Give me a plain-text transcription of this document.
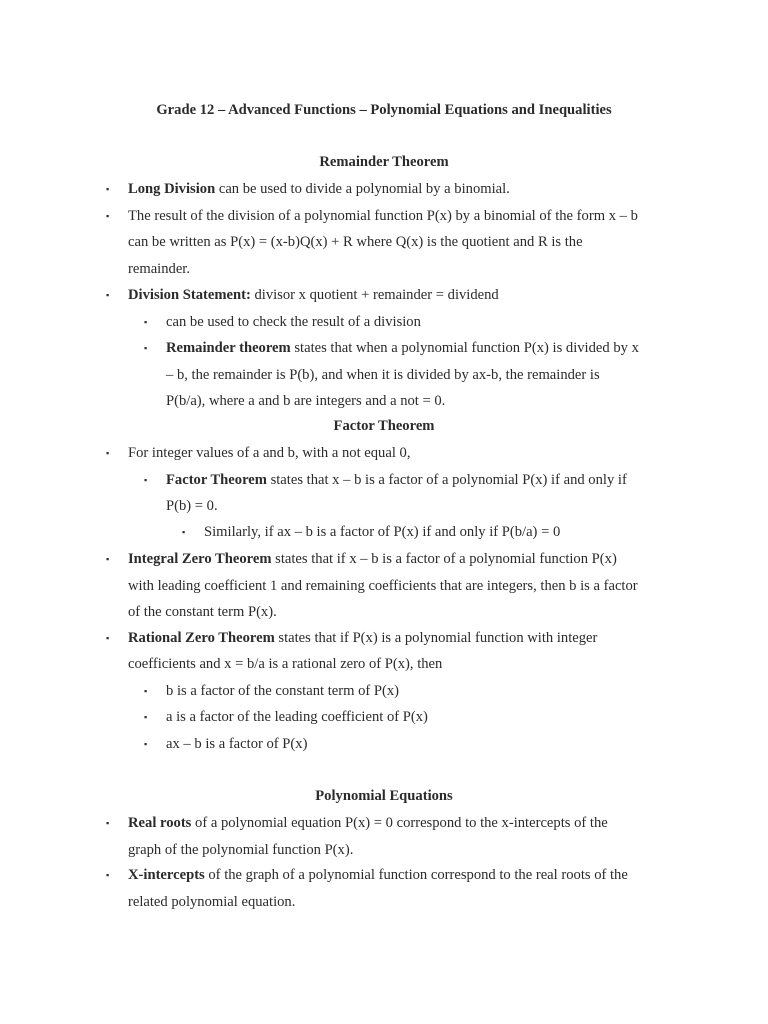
Grade 12 – Advanced Functions – Polynomial Equations and Inequalities
Remainder Theorem
▪ Long Division can be used to divide a polynomial by a binomial.
▪ The result of the division of a polynomial function P(x) by a binomial of the form x – b
can be written as P(x) = (x-b)Q(x) + R where Q(x) is the quotient and R is the
remainder.
▪ Division Statement: divisor x quotient + remainder = dividend
▪ can be used to check the result of a division
▪ Remainder theorem states that when a polynomial function P(x) is divided by x
– b, the remainder is P(b), and when it is divided by ax-b, the remainder is
P(b/a), where a and b are integers and a not = 0.
Factor Theorem
▪ For integer values of a and b, with a not equal 0,
▪ Factor Theorem states that x – b is a factor of a polynomial P(x) if and only if
P(b) = 0.
▪ Similarly, if ax – b is a factor of P(x) if and only if P(b/a) = 0
▪ Integral Zero Theorem states that if x – b is a factor of a polynomial function P(x)
with leading coefficient 1 and remaining coefficients that are integers, then b is a factor
of the constant term P(x).
▪ Rational Zero Theorem states that if P(x) is a polynomial function with integer
coefficients and x = b/a is a rational zero of P(x), then
▪ b is a factor of the constant term of P(x)
▪ a is a factor of the leading coefficient of P(x)
▪ ax – b is a factor of P(x)
Polynomial Equations
▪ Real roots of a polynomial equation P(x) = 0 correspond to the x-intercepts of the
graph of the polynomial function P(x).
▪ X-intercepts of the graph of a polynomial function correspond to the real roots of the
related polynomial equation.
